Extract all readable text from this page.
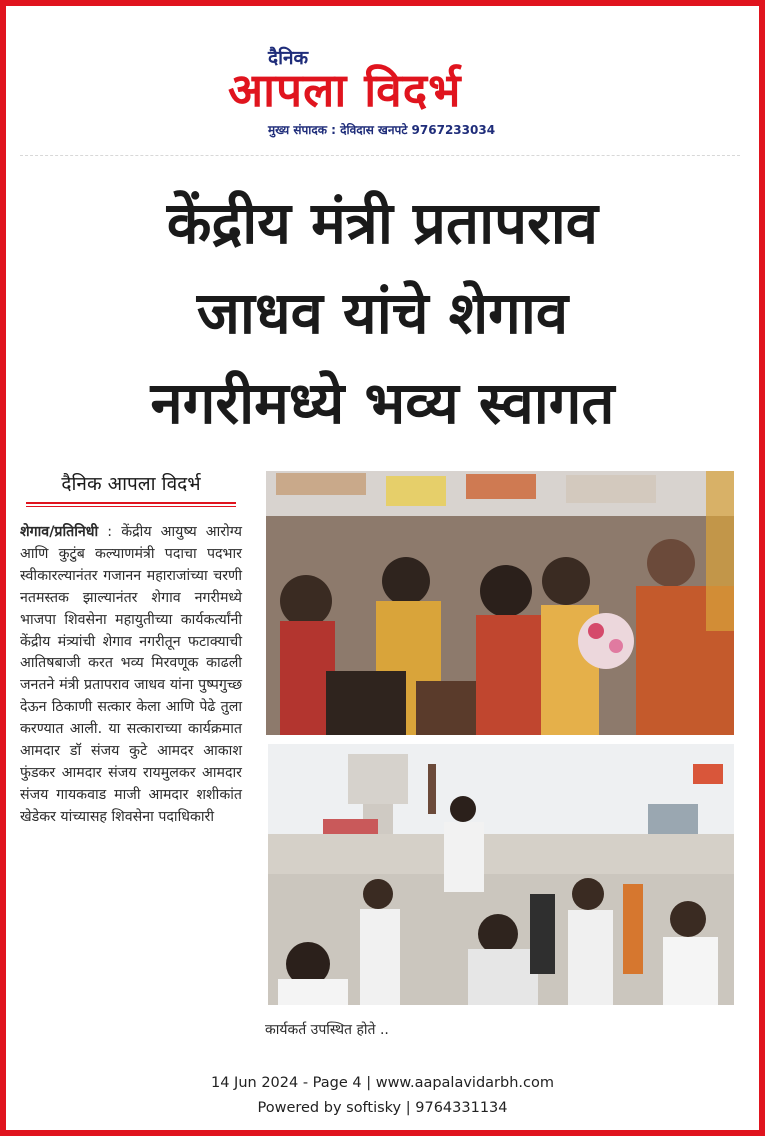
दैनिक
आपला विदर्भ
मुख्य संपादक : देविदास खनपटे 9767233034
केंद्रीय मंत्री प्रतापराव
जाधव यांचे शेगाव
नगरीमध्ये भव्य स्वागत
दैनिक आपला विदर्भ
शेगाव/प्रतिनिधी : केंद्रीय आयुष्य आरोग्य आणि कुटुंब कल्याणमंत्री पदाचा पदभार स्वीकारल्यानंतर गजानन महाराजांच्या चरणी नतमस्तक झाल्यानंतर शेगाव नगरीमध्ये भाजपा शिवसेना महायुतीच्या कार्यकर्त्यांनी केंद्रीय मंत्र्यांची शेगाव नगरीतून फटाक्याची आतिषबाजी करत भव्य मिरवणूक काढली जनतने मंत्री प्रतापराव जाधव यांना पुष्पगुच्छ देऊन ठिकाणी सत्कार केला आणि पेढे तुला करण्यात आली. या सत्काराच्या कार्यक्रमात आमदार डॉ संजय कुटे आमदर आकाश फुंडकर आमदार संजय रायमुलकर आमदार संजय गायकवाड माजी आमदार शशीकांत खेडेकर यांच्यासह शिवसेना पदाधिकारी
कार्यकर्त उपस्थित होते ..
14 Jun 2024 - Page 4 | www.aapalavidarbh.com
Powered by softisky | 9764331134
